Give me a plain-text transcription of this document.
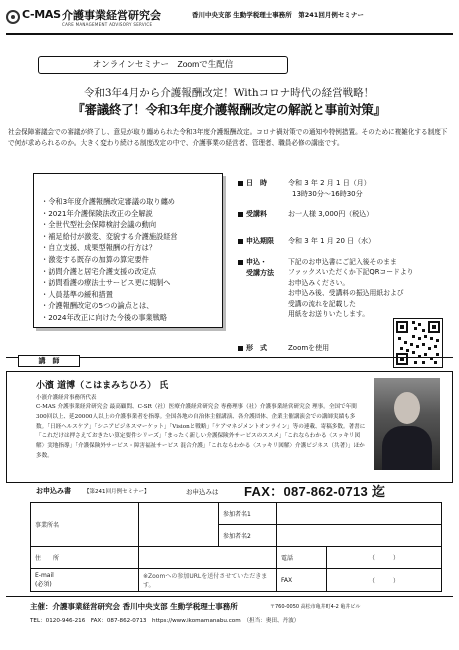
C-MAS 介護事業経営研究会
CARE MANAGEMENT ADVISORY SERVICE
香川中央支部 生動学税理士事務所　第241回月例セミナー
オンラインセミナー　Zoomで生配信
令和3年4月から介護報酬改定！Withコロナ時代の経営戦略！
『審議終了！令和3年度介護報酬改定の解説と事前対策』
社会保障審議会での審議が終了し、意見が取り纏められた令和3年度介護報酬改定。コロナ禍対策での通知や特例措置。そのために複雑化する制度下で何が求められるのか。大きく変わり続ける制度改定の中で、介護事業の経営者、管理者、職員必修の講座です。
・令和3年度介護報酬改定審議の取り纏め
・2021年介護保険法改正の全解説
・全世代型社会保障検討会議の動向
・補足給付が激変、変貌する介護施設経営
・自立支援、成果型報酬の行方は？
・激変する既存の加算の算定要件
・訪問介護と居宅介護支援の改定点
・訪問看護の療法士サービス更に規制へ
・人員基準の緩和措置
・介護報酬改定の5つの論点とは、
・2024年改正に向けた今後の事業戦略
日　時	令和 3 年 2 月 1 日（月）
13時30分～16時30分
受講料	お一人様 3,000円（税込）
申込期限	令和 3 年 1 月 20 日（水）
申込・
受講方法
下記のお申込書にご記入後そのまま
ファックスいただくか下記QRコードより
お申込みください。
お申込み後、受講料の振込用紙および
受講の流れを記載した
用紙をお送りいたします。
形　式	Zoomを使用
講　師
小濱 道博（こはまみちひろ） 氏
小濱介護経営事務所代表
C-MAS 介護事業経営研究会 最高顧問、C-SR（社）医療介護経営研究会 専務理事（社）介護事業経営研究会 理事。全国で年間300回以上、延20000人以上の介護事業者を指導。全国各地の自治体主催講演、各介護団体、企業主催講演会での講師実績も多数。「日経ヘルスケア」「シニアビジネスマーケット」「Visionと戦略」「ケアマネジメントオンライン」等の連載、寄稿多数。著書に「これだけは押さえておきたい算定要件シリーズ」「まったく新しい介護保険外サービスのススメ」「これならわかる〈スッキリ図解〉実地指導」「介護保険外サービス・障害福祉サービス 混合介護」「これならわかる〈スッキリ図解〉介護ビジネス（共著）」ほか多数。
お申込み書 【第241回月例セミナー】	お申込みは FAX：087-862-0713 迄
事業所名		参加者名1		
		参加者名2		
住　　所			電話	（　　　）
E-mail
(必須)	※Zoomへの参加URLを送付させていただきます。		FAX	（　　　）
主催：介護事業経営研究会 香川中央支部 生動学税理士事務所	〒760-0050 高松市亀井町4-2 亀井ビル
TEL：0120-946-216　FAX：087-862-0713　https://www.ikomamanabu.com　（担当：奥田、丹波）
